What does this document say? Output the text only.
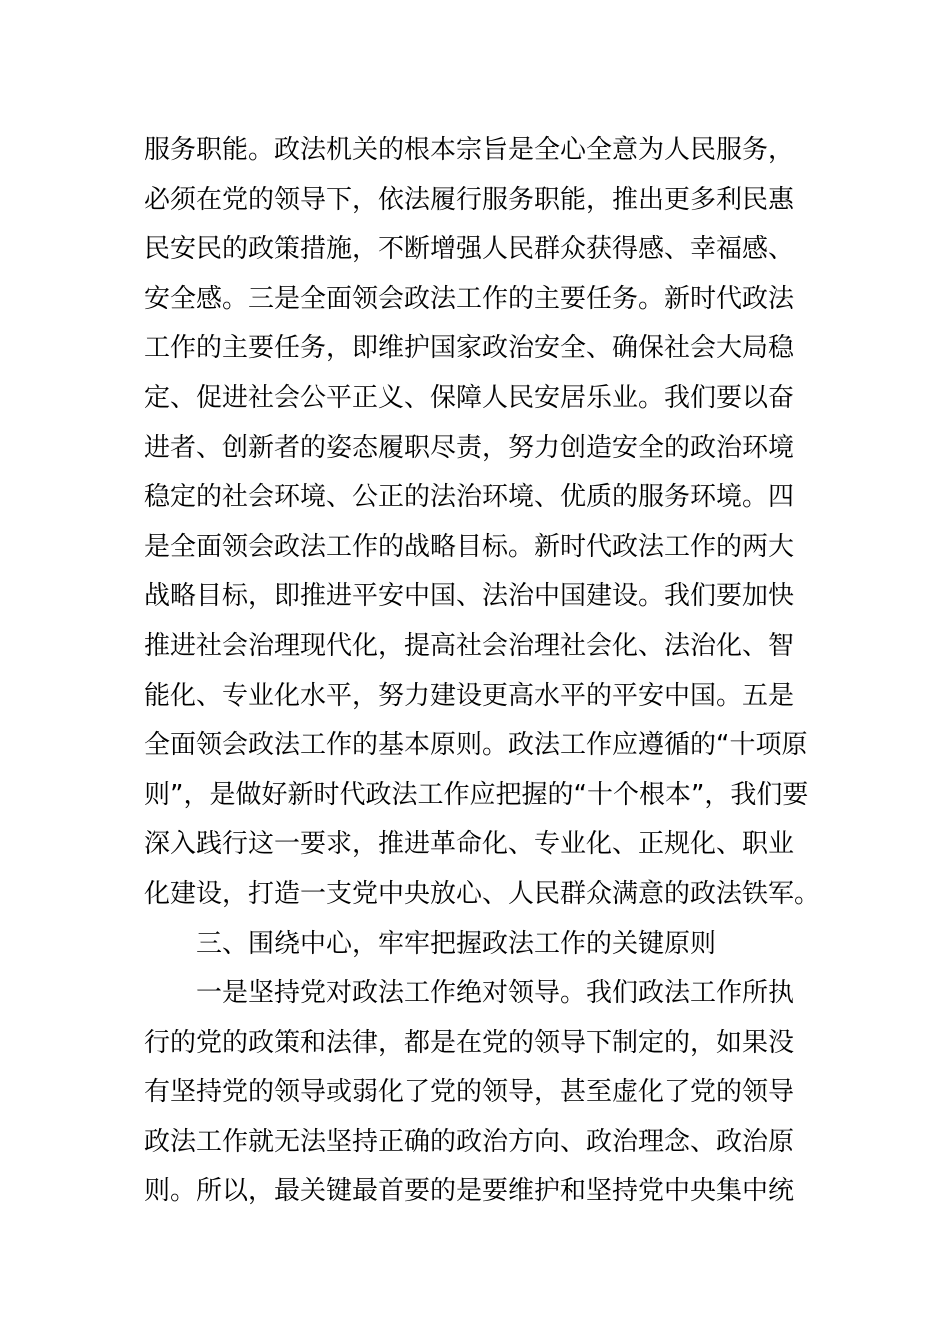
服务职能。政法机关的根本宗旨是全心全意为人民服务，
必须在党的领导下，依法履行服务职能，推出更多利民惠
民安民的政策措施，不断增强人民群众获得感、幸福感、
安全感。三是全面领会政法工作的主要任务。新时代政法
工作的主要任务，即维护国家政治安全、确保社会大局稳
定、促进社会公平正义、保障人民安居乐业。我们要以奋
进者、创新者的姿态履职尽责，努力创造安全的政治环境
稳定的社会环境、公正的法治环境、优质的服务环境。四
是全面领会政法工作的战略目标。新时代政法工作的两大
战略目标，即推进平安中国、法治中国建设。我们要加快
推进社会治理现代化，提高社会治理社会化、法治化、智
能化、专业化水平，努力建设更高水平的平安中国。五是
全面领会政法工作的基本原则。政法工作应遵循的“十项原
则”，是做好新时代政法工作应把握的“十个根本”，我们要
深入践行这一要求，推进革命化、专业化、正规化、职业
化建设，打造一支党中央放心、人民群众满意的政法铁军。
三、围绕中心，牢牢把握政法工作的关键原则
一是坚持党对政法工作绝对领导。我们政法工作所执
行的党的政策和法律，都是在党的领导下制定的，如果没
有坚持党的领导或弱化了党的领导，甚至虚化了党的领导
政法工作就无法坚持正确的政治方向、政治理念、政治原
则。所以，最关键最首要的是要维护和坚持党中央集中统
